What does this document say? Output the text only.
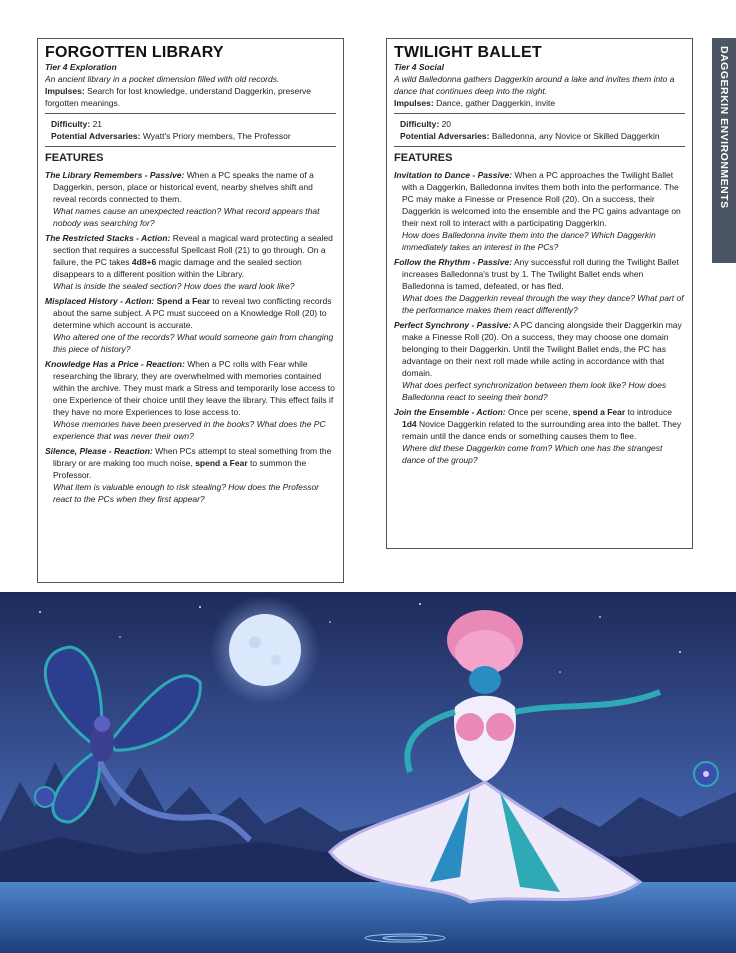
FORGOTTEN LIBRARY
Tier 4 Exploration
An ancient library in a pocket dimension filled with old records.
Impulses: Search for lost knowledge, understand Daggerkin, preserve forgotten meanings.
Difficulty: 21
Potential Adversaries: Wyatt's Priory members, The Professor
FEATURES
The Library Remembers - Passive: When a PC speaks the name of a Daggerkin, person, place or historical event, nearby shelves shift and reveal records connected to them.
What names cause an unexpected reaction? What record appears that nobody was searching for?
The Restricted Stacks - Action: Reveal a magical ward protecting a sealed section that requires a successful Spellcast Roll (21) to go through. On a failure, the PC takes 4d8+6 magic damage and the sealed section disappears to a different position within the Library.
What is inside the sealed section? How does the ward look like?
Misplaced History - Action: Spend a Fear to reveal two conflicting records about the same subject. A PC must succeed on a Knowledge Roll (20) to determine which account is accurate.
Who altered one of the records? What would someone gain from changing this piece of history?
Knowledge Has a Price - Reaction: When a PC rolls with Fear while researching the library, they are overwhelmed with memories contained within the archive. They must mark a Stress and temporarily lose access to one Experience of their choice until they leave the library. This effect fails if they have no more Experiences to lose access to.
Whose memories have been preserved in the books? What does the PC experience that was never their own?
Silence, Please - Reaction: When PCs attempt to steal something from the library or are making too much noise, spend a Fear to summon the Professor.
What item is valuable enough to risk stealing? How does the Professor react to the PCs when they first appear?
TWILIGHT BALLET
Tier 4 Social
A wild Balledonna gathers Daggerkin around a lake and invites them into a dance that continues deep into the night.
Impulses: Dance, gather Daggerkin, invite
Difficulty: 20
Potential Adversaries: Balledonna, any Novice or Skilled Daggerkin
FEATURES
Invitation to Dance - Passive: When a PC approaches the Twilight Ballet with a Daggerkin, Balledonna invites them both into the performance. The PC may make a Finesse or Presence Roll (20). On a success, their Daggerkin is welcomed into the ensemble and the PC gains advantage on their next roll to interact with a participating Daggerkin.
How does Balledonna invite them into the dance? Which Daggerkin immediately takes an interest in the PCs?
Follow the Rhythm - Passive: Any successful roll during the Twilight Ballet increases Balledonna's trust by 1. The Twilight Ballet ends when Balledonna is tamed, defeated, or has fled.
What does the Daggerkin reveal through the way they dance? What part of the performance makes them react differently?
Perfect Synchrony - Passive: A PC dancing alongside their Daggerkin may make a Finesse Roll (20). On a success, they may choose one domain belonging to their Daggerkin. Until the Twilight Ballet ends, the PC has advantage on their next roll made while acting in accordance with that domain.
What does perfect synchronization between them look like? How does Balledonna react to seeing their bond?
Join the Ensemble - Action: Once per scene, spend a Fear to introduce 1d4 Novice Daggerkin related to the surrounding area into the ballet. They remain until the dance ends or something causes them to flee.
Where did these Daggerkin come from? Which one has the strangest dance of the group?
DAGGERKIN ENVIRONMENTS
